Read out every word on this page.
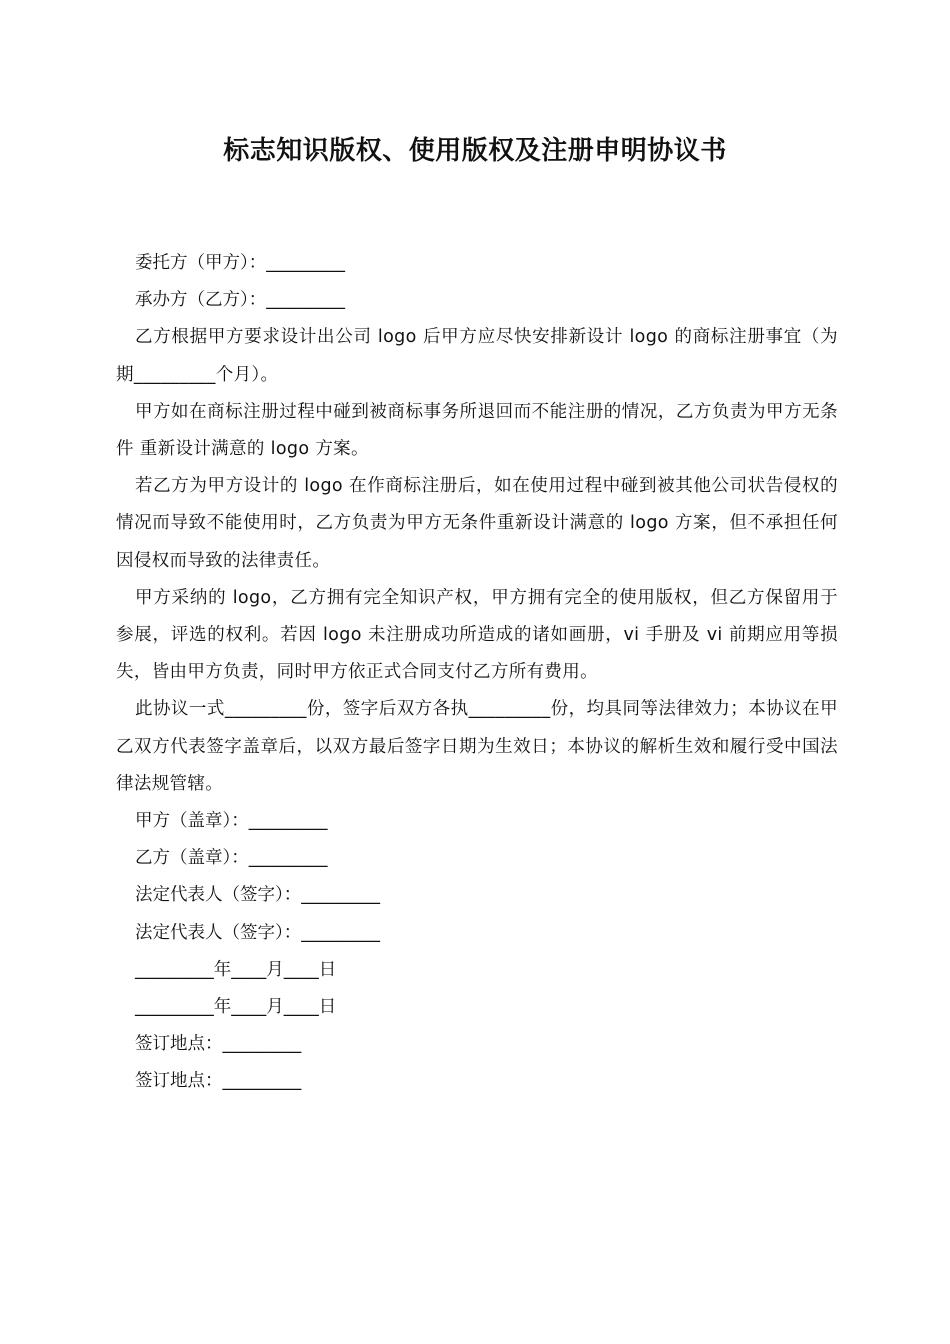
标志知识版权、使用版权及注册申明协议书

委托方（甲方）：_________

承办方（乙方）：_________

乙方根据甲方要求设计出公司 logo 后甲方应尽快安排新设计 logo 的商标注册事宜（为期_________个月）。

甲方如在商标注册过程中碰到被商标事务所退回而不能注册的情况，乙方负责为甲方无条件 重新设计满意的 logo 方案。

若乙方为甲方设计的 logo 在作商标注册后，如在使用过程中碰到被其他公司状告侵权的情况而导致不能使用时，乙方负责为甲方无条件重新设计满意的 logo 方案，但不承担任何因侵权而导致的法律责任。

甲方采纳的 logo，乙方拥有完全知识产权，甲方拥有完全的使用版权，但乙方保留用于参展，评选的权利。若因 logo 未注册成功所造成的诸如画册，vi 手册及 vi 前期应用等损失，皆由甲方负责，同时甲方依正式合同支付乙方所有费用。

此协议一式_________份，签字后双方各执_________份，均具同等法律效力；本协议在甲乙双方代表签字盖章后，以双方最后签字日期为生效日；本协议的解析生效和履行受中国法律法规管辖。

甲方（盖章）：_________

乙方（盖章）：_________

法定代表人（签字）：_________

法定代表人（签字）：_________

_________年____月____日

_________年____月____日

签订地点：_________

签订地点：_________
